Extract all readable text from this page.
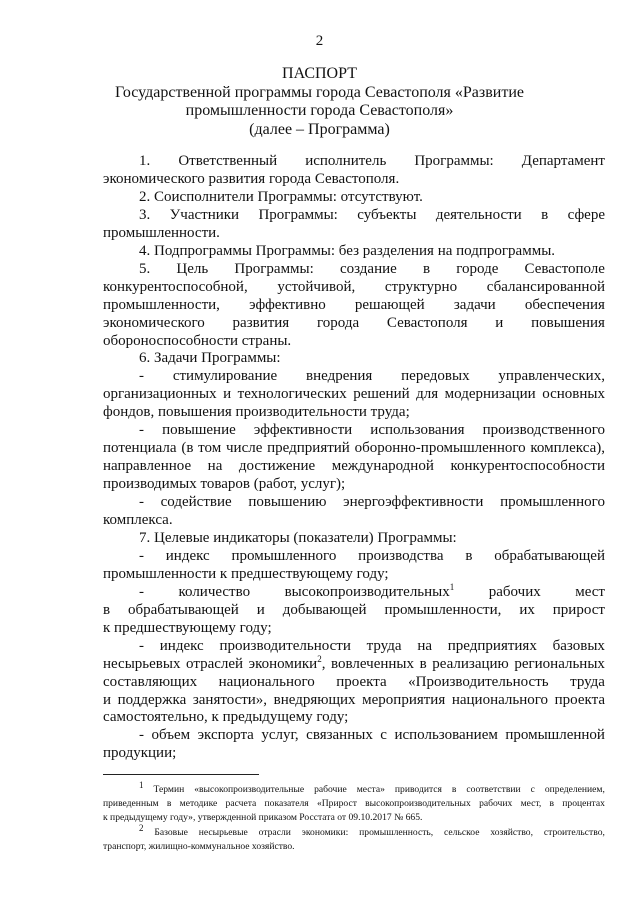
2
ПАСПОРТ
Государственной программы города Севастополя «Развитие
промышленности города Севастополя»
(далее – Программа)
1. Ответственный исполнитель Программы: Департамент
экономического развития города Севастополя.
2. Соисполнители Программы: отсутствуют.
3. Участники Программы: субъекты деятельности в сфере
промышленности.
4. Подпрограммы Программы: без разделения на подпрограммы.
5. Цель Программы: создание в городе Севастополе
конкурентоспособной, устойчивой, структурно сбалансированной
промышленности, эффективно решающей задачи обеспечения
экономического развития города Севастополя и повышения
обороноспособности страны.
6. Задачи Программы:
- стимулирование внедрения передовых управленческих,
организационных и технологических решений для модернизации основных
фондов, повышения производительности труда;
- повышение эффективности использования производственного
потенциала (в том числе предприятий оборонно-промышленного комплекса),
направленное на достижение международной конкурентоспособности
производимых товаров (работ, услуг);
- содействие повышению энергоэффективности промышленного
комплекса.
7. Целевые индикаторы (показатели) Программы:
- индекс промышленного производства в обрабатывающей
промышленности к предшествующему году;
- количество высокопроизводительных$^1$ рабочих мест
в обрабатывающей и добывающей промышленности, их прирост
к предшествующему году;
- индекс производительности труда на предприятиях базовых
несырьевых отраслей экономики$^2$, вовлеченных в реализацию региональных
составляющих национального проекта «Производительность труда
и поддержка занятости», внедряющих мероприятия национального проекта
самостоятельно, к предыдущему году;
- объем экспорта услуг, связанных с использованием промышленной
продукции;
$^1$ Термин «высокопроизводительные рабочие места» приводится в соответствии с определением,
приведенным в методике расчета показателя «Прирост высокопроизводительных рабочих мест, в процентах
к предыдущему году», утвержденной приказом Росстата от 09.10.2017 № 665.
$^2$ Базовые несырьевые отрасли экономики: промышленность, сельское хозяйство, строительство,
транспорт, жилищно-коммунальное хозяйство.
